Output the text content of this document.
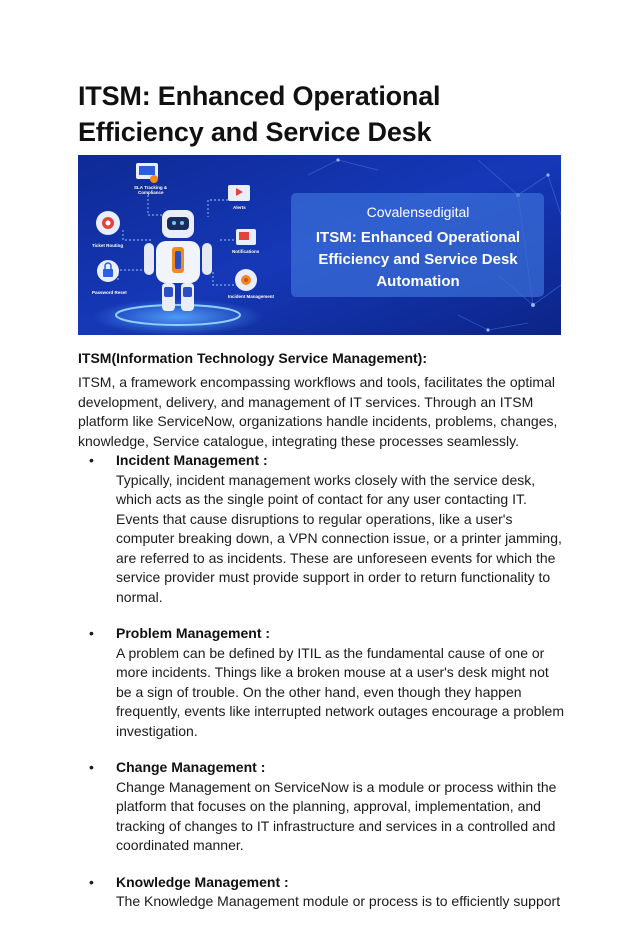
ITSM: Enhanced Operational Efficiency and Service Desk
SLA Tracking &
Compliance
Alerts
Ticket Routing
Notifications
Password Reset
Incident Management
Covalensedigital
ITSM: Enhanced Operational
Efficiency and Service Desk
Automation

ITSM(Information Technology Service Management):

ITSM, a framework encompassing workflows and tools, facilitates the optimal development, delivery, and management of IT services. Through an ITSM platform like ServiceNow, organizations handle incidents, problems, changes, knowledge, Service catalogue, integrating these processes seamlessly.

• Incident Management :
Typically, incident management works closely with the service desk, which acts as the single point of contact for any user contacting IT. Events that cause disruptions to regular operations, like a user's computer breaking down, a VPN connection issue, or a printer jamming, are referred to as incidents. These are unforeseen events for which the service provider must provide support in order to return functionality to normal.
• Problem Management :
A problem can be defined by ITIL as the fundamental cause of one or more incidents. Things like a broken mouse at a user's desk might not be a sign of trouble. On the other hand, even though they happen frequently, events like interrupted network outages encourage a problem investigation.
• Change Management :
Change Management on ServiceNow is a module or process within the platform that focuses on the planning, approval, implementation, and tracking of changes to IT infrastructure and services in a controlled and coordinated manner.
• Knowledge Management :
The Knowledge Management module or process is to efficiently support
